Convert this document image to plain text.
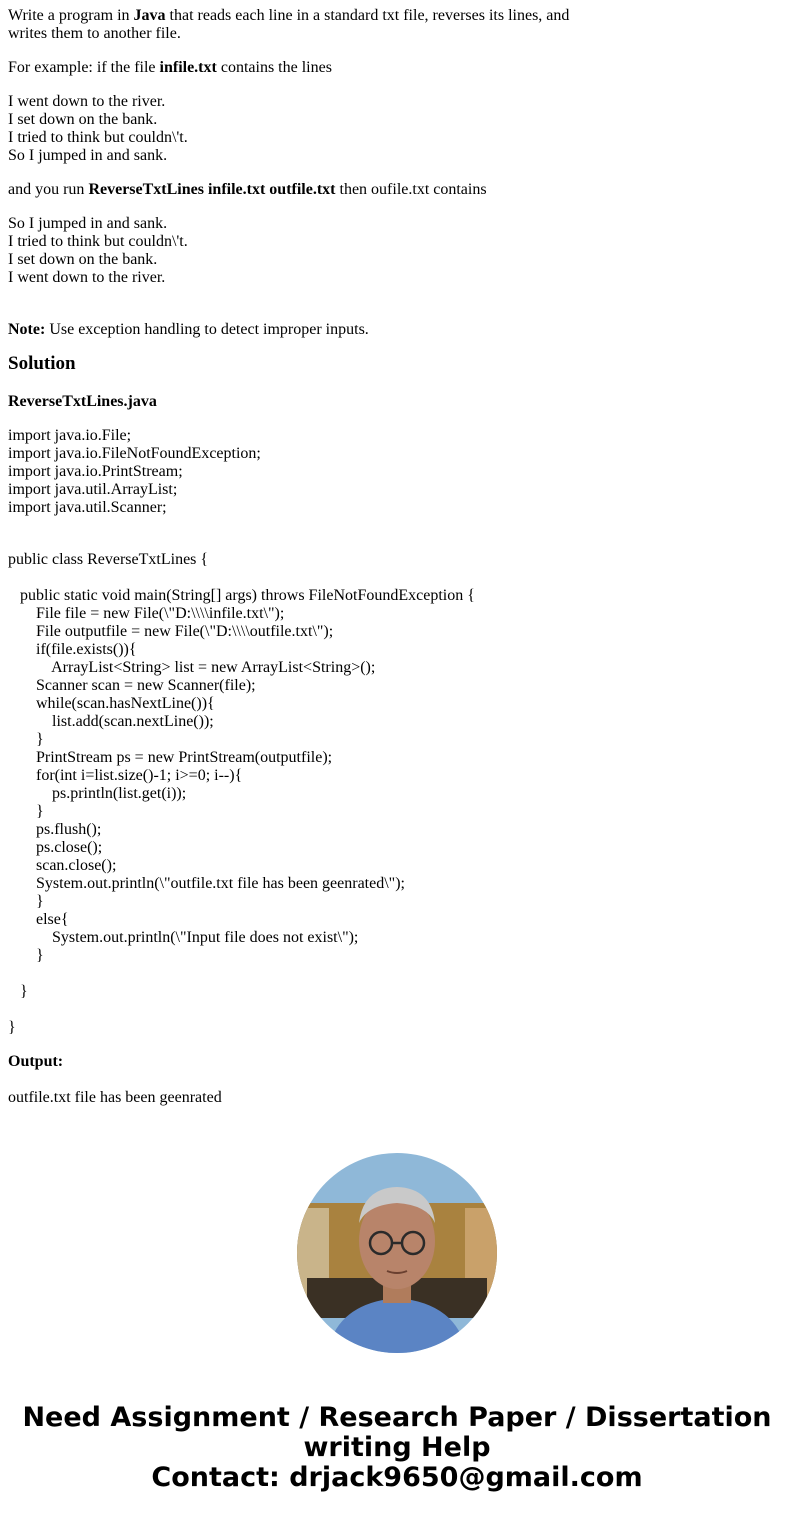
Write a program in Java that reads each line in a standard txt file, reverses its lines, and
writes them to another file.

For example: if the file infile.txt contains the lines

I went down to the river.
I set down on the bank.
I tried to think but couldn\'t.
So I jumped in and sank.

and you run ReverseTxtLines infile.txt outfile.txt then oufile.txt contains

So I jumped in and sank.
I tried to think but couldn\'t.
I set down on the bank.
I went down to the river.

Note: Use exception handling to detect improper inputs.

Solution

ReverseTxtLines.java

import java.io.File;
import java.io.FileNotFoundException;
import java.io.PrintStream;
import java.util.ArrayList;
import java.util.Scanner;
public class ReverseTxtLines {
public static void main(String[] args) throws FileNotFoundException {
File file = new File(\"D:\\\\infile.txt\");
File outputfile = new File(\"D:\\\\outfile.txt\");
if(file.exists()){
ArrayList<String> list = new ArrayList<String>();
Scanner scan = new Scanner(file);
while(scan.hasNextLine()){
list.add(scan.nextLine());
}
PrintStream ps = new PrintStream(outputfile);
for(int i=list.size()-1; i>=0; i--){
ps.println(list.get(i));
}
ps.flush();
ps.close();
scan.close();
System.out.println(\"outfile.txt file has been geenrated\");
}
else{
System.out.println(\"Input file does not exist\");
}
}
}

Output:

outfile.txt file has been geenrated

Need Assignment / Research Paper / Dissertation
writing Help
Contact: drjack9650@gmail.com
